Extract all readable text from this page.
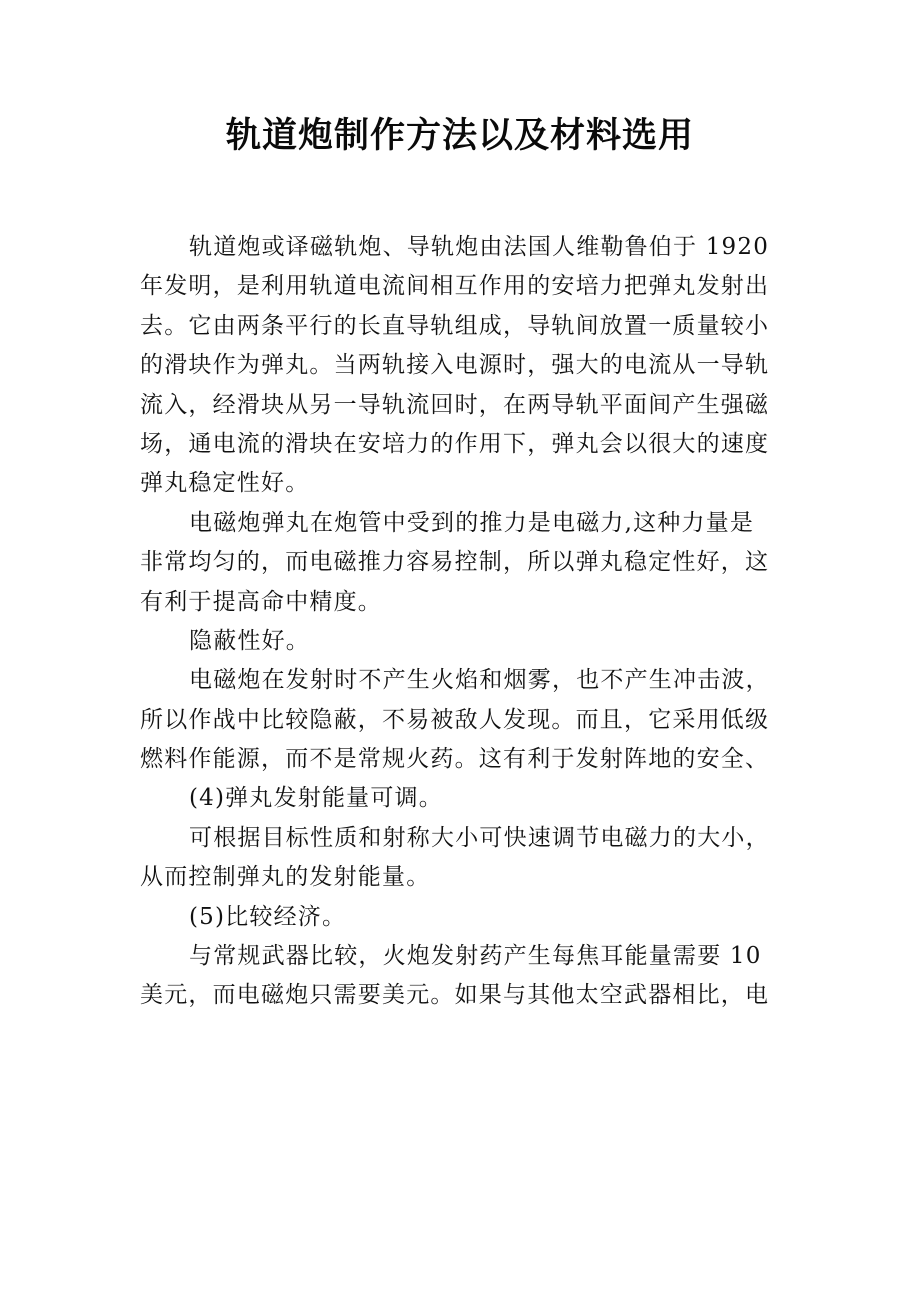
轨道炮制作方法以及材料选用
轨道炮或译磁轨炮、导轨炮由法国人维勒鲁伯于 1920
年发明，是利用轨道电流间相互作用的安培力把弹丸发射出
去。它由两条平行的长直导轨组成，导轨间放置一质量较小
的滑块作为弹丸。当两轨接入电源时，强大的电流从一导轨
流入，经滑块从另一导轨流回时，在两导轨平面间产生强磁
场，通电流的滑块在安培力的作用下，弹丸会以很大的速度
弹丸稳定性好。
电磁炮弹丸在炮管中受到的推力是电磁力,这种力量是
非常均匀的，而电磁推力容易控制，所以弹丸稳定性好，这
有利于提高命中精度。
隐蔽性好。
电磁炮在发射时不产生火焰和烟雾，也不产生冲击波，
所以作战中比较隐蔽，不易被敌人发现。而且，它采用低级
燃料作能源，而不是常规火药。这有利于发射阵地的安全、
(4)弹丸发射能量可调。
可根据目标性质和射称大小可快速调节电磁力的大小，
从而控制弹丸的发射能量。
(5)比较经济。
与常规武器比较，火炮发射药产生每焦耳能量需要 10
美元，而电磁炮只需要美元。如果与其他太空武器相比，电
